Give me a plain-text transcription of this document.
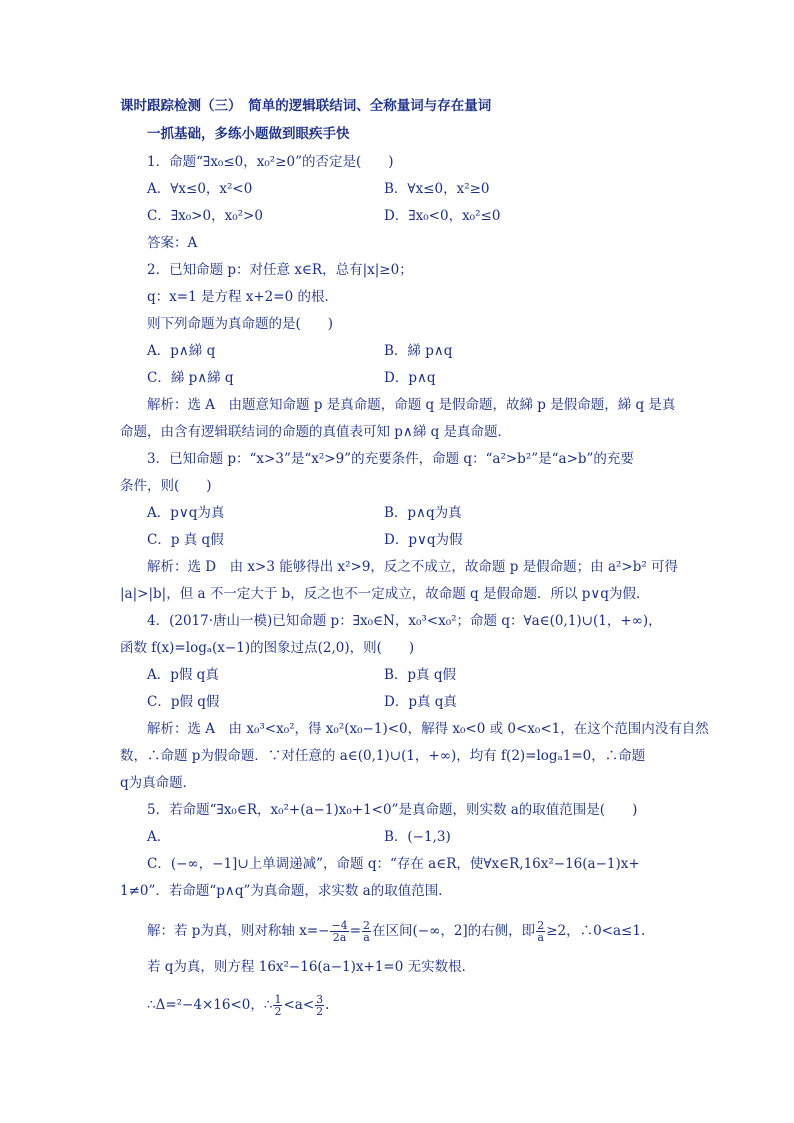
课时跟踪检测（三）　简单的逻辑联结词、全称量词与存在量词
一抓基础，多练小题做到眼疾手快
1．命题“∃x₀≤0，x₀²≥0”的否定是(　　)
A．∀x≤0，x²<0	B．∀x≤0，x²≥0
C．∃x₀>0，x₀²>0	D．∃x₀<0，x₀²≤0
答案：A
2．已知命题 p：对任意 x∈R，总有|x|≥0；
q：x=1 是方程 x+2=0 的根．
则下列命题为真命题的是(　　)
A．p∧綈 q	B．綈 p∧q
C．綈 p∧綈 q	D．p∧q
解析：选 A　由题意知命题 p 是真命题，命题 q 是假命题，故綈 p 是假命题，綈 q 是真
命题，由含有逻辑联结词的命题的真值表可知 p∧綈 q 是真命题．
3．已知命题 p：“x>3”是“x²>9”的充要条件，命题 q：“a²>b²”是“a>b”的充要
条件，则(　　)
A．p∨q为真	B．p∧q为真
C．p 真 q假	D．p∨q为假
解析：选 D　由 x>3 能够得出 x²>9，反之不成立，故命题 p 是假命题；由 a²>b² 可得
|a|>|b|，但 a 不一定大于 b，反之也不一定成立，故命题 q 是假命题．所以 p∨q为假．
4．(2017·唐山一模)已知命题 p：∃x₀∈N，x₀³<x₀²；命题 q：∀a∈(0,1)∪(1，+∞)，
函数 f(x)=logₐ(x−1)的图象过点(2,0)，则(　　)
A．p假 q真	B．p真 q假
C．p假 q假	D．p真 q真
解析：选 A　由 x₀³<x₀²，得 x₀²(x₀−1)<0，解得 x₀<0 或 0<x₀<1，在这个范围内没有自然
数，∴命题 p为假命题．∵对任意的 a∈(0,1)∪(1，+∞)，均有 f(2)=logₐ1=0，∴命题
q为真命题．
5．若命题“∃x₀∈R，x₀²+(a−1)x₀+1<0”是真命题，则实数 a的取值范围是(　　)
A．	B．(−1,3)
C．(−∞，−1]∪上单调递减”，命题 q：“存在 a∈R，使∀x∈R,16x²−16(a−1)x+
1≠0”．若命题“p∧q”为真命题，求实数 a的取值范围．
解：若 p为真，则对称轴 $x=- \frac{-4}{2a} = \frac{2}{a}$ 在区间(−∞，2]的右侧，即 $\frac{2}{a} \ge 2$，∴0<a≤1.
若 q为真，则方程 16x²−16(a−1)x+1=0 无实数根．
∴Δ=²−4×16<0，∴ $\frac{1}{2} <a< \frac{3}{2}$ .
